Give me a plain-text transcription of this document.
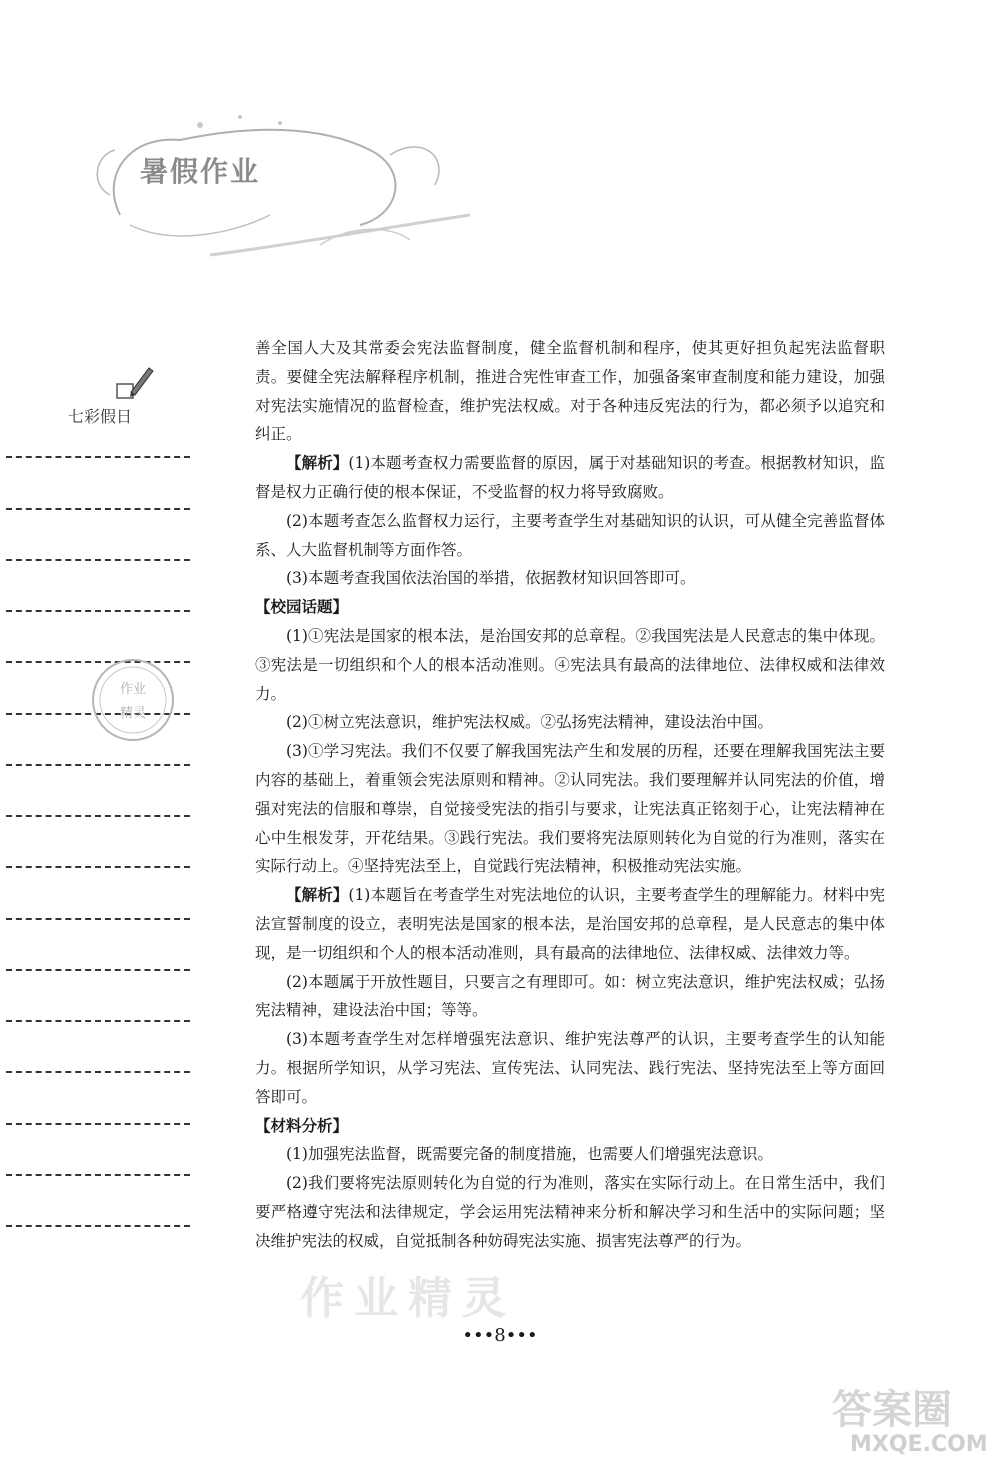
暑假作业
七彩假日
作业
精灵

善全国人大及其常委会宪法监督制度，健全监督机制和程序，使其更好担负起宪法监督职责。要健全宪法解释程序机制，推进合宪性审查工作，加强备案审查制度和能力建设，加强对宪法实施情况的监督检查，维护宪法权威。对于各种违反宪法的行为，都必须予以追究和纠正。

【解析】(1)本题考查权力需要监督的原因，属于对基础知识的考查。根据教材知识，监督是权力正确行使的根本保证，不受监督的权力将导致腐败。

(2)本题考查怎么监督权力运行，主要考查学生对基础知识的认识，可从健全完善监督体系、人大监督机制等方面作答。

(3)本题考查我国依法治国的举措，依据教材知识回答即可。

【校园话题】

(1)①宪法是国家的根本法，是治国安邦的总章程。②我国宪法是人民意志的集中体现。③宪法是一切组织和个人的根本活动准则。④宪法具有最高的法律地位、法律权威和法律效力。

(2)①树立宪法意识，维护宪法权威。②弘扬宪法精神，建设法治中国。

(3)①学习宪法。我们不仅要了解我国宪法产生和发展的历程，还要在理解我国宪法主要内容的基础上，着重领会宪法原则和精神。②认同宪法。我们要理解并认同宪法的价值，增强对宪法的信服和尊崇，自觉接受宪法的指引与要求，让宪法真正铭刻于心，让宪法精神在心中生根发芽，开花结果。③践行宪法。我们要将宪法原则转化为自觉的行为准则，落实在实际行动上。④坚持宪法至上，自觉践行宪法精神，积极推动宪法实施。

【解析】(1)本题旨在考查学生对宪法地位的认识，主要考查学生的理解能力。材料中宪法宣誓制度的设立，表明宪法是国家的根本法，是治国安邦的总章程，是人民意志的集中体现，是一切组织和个人的根本活动准则，具有最高的法律地位、法律权威、法律效力等。

(2)本题属于开放性题目，只要言之有理即可。如：树立宪法意识，维护宪法权威；弘扬宪法精神，建设法治中国；等等。

(3)本题考查学生对怎样增强宪法意识、维护宪法尊严的认识，主要考查学生的认知能力。根据所学知识，从学习宪法、宣传宪法、认同宪法、践行宪法、坚持宪法至上等方面回答即可。

【材料分析】

(1)加强宪法监督，既需要完备的制度措施，也需要人们增强宪法意识。

(2)我们要将宪法原则转化为自觉的行为准则，落实在实际行动上。在日常生活中，我们要严格遵守宪法和法律规定，学会运用宪法精神来分析和解决学习和生活中的实际问题；坚决维护宪法的权威，自觉抵制各种妨碍宪法实施、损害宪法尊严的行为。

作业精灵
•••8•••
答案圈
MXQE.COM
